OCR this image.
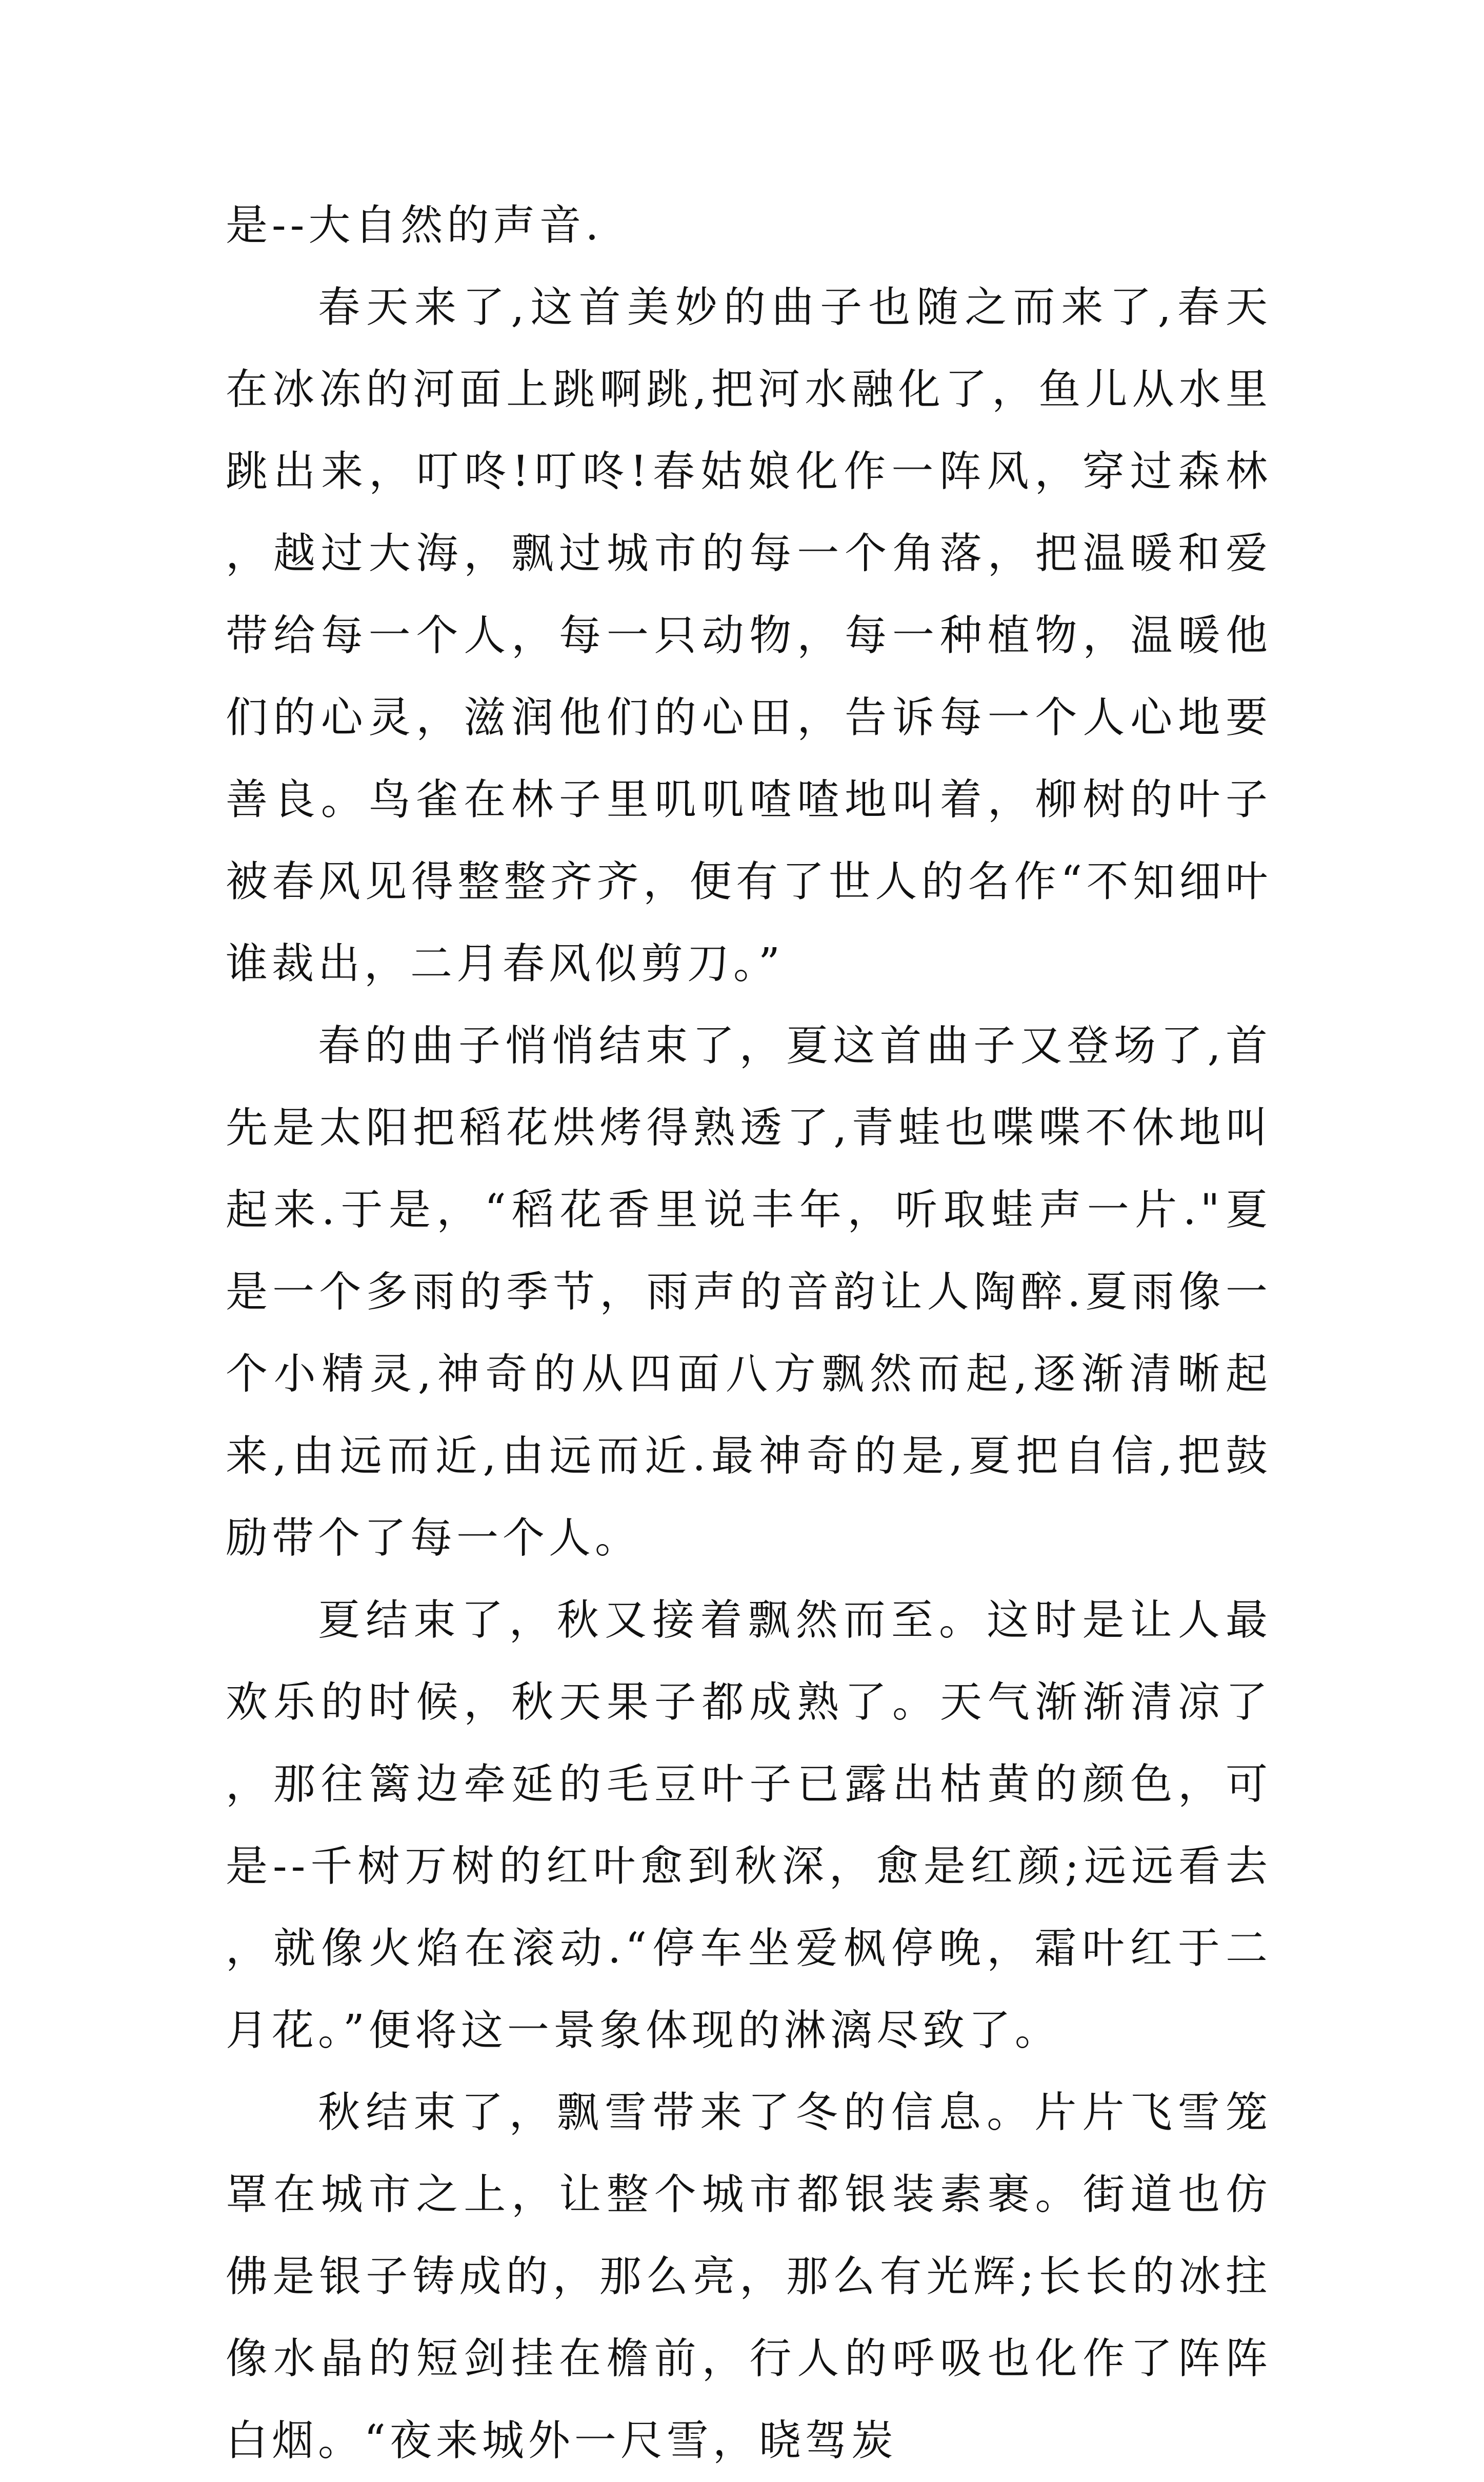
是--大自然的声音.

春天来了,这首美妙的曲子也随之而来了,春天在冰冻的河面上跳啊跳,把河水融化了，鱼儿从水里跳出来，叮咚!叮咚!春姑娘化作一阵风，穿过森林，越过大海，飘过城市的每一个角落，把温暖和爱带给每一个人，每一只动物，每一种植物，温暖他们的心灵，滋润他们的心田，告诉每一个人心地要善良。鸟雀在林子里叽叽喳喳地叫着，柳树的叶子被春风见得整整齐齐，便有了世人的名作“不知细叶谁裁出，二月春风似剪刀。”

春的曲子悄悄结束了，夏这首曲子又登场了,首先是太阳把稻花烘烤得熟透了,青蛙也喋喋不休地叫起来.于是，“稻花香里说丰年，听取蛙声一片."夏是一个多雨的季节，雨声的音韵让人陶醉.夏雨像一个小精灵,神奇的从四面八方飘然而起,逐渐清晰起来,由远而近,由远而近.最神奇的是,夏把自信,把鼓励带个了每一个人。

夏结束了，秋又接着飘然而至。这时是让人最欢乐的时候，秋天果子都成熟了。天气渐渐清凉了，那往篱边牵延的毛豆叶子已露出枯黄的颜色，可是--千树万树的红叶愈到秋深，愈是红颜;远远看去，就像火焰在滚动.“停车坐爱枫停晚，霜叶红于二月花。”便将这一景象体现的淋漓尽致了。

秋结束了，飘雪带来了冬的信息。片片飞雪笼罩在城市之上，让整个城市都银装素裹。街道也仿佛是银子铸成的，那么亮，那么有光辉;长长的冰拄像水晶的短剑挂在檐前，行人的呼吸也化作了阵阵白烟。“夜来城外一尺雪，晓驾炭
